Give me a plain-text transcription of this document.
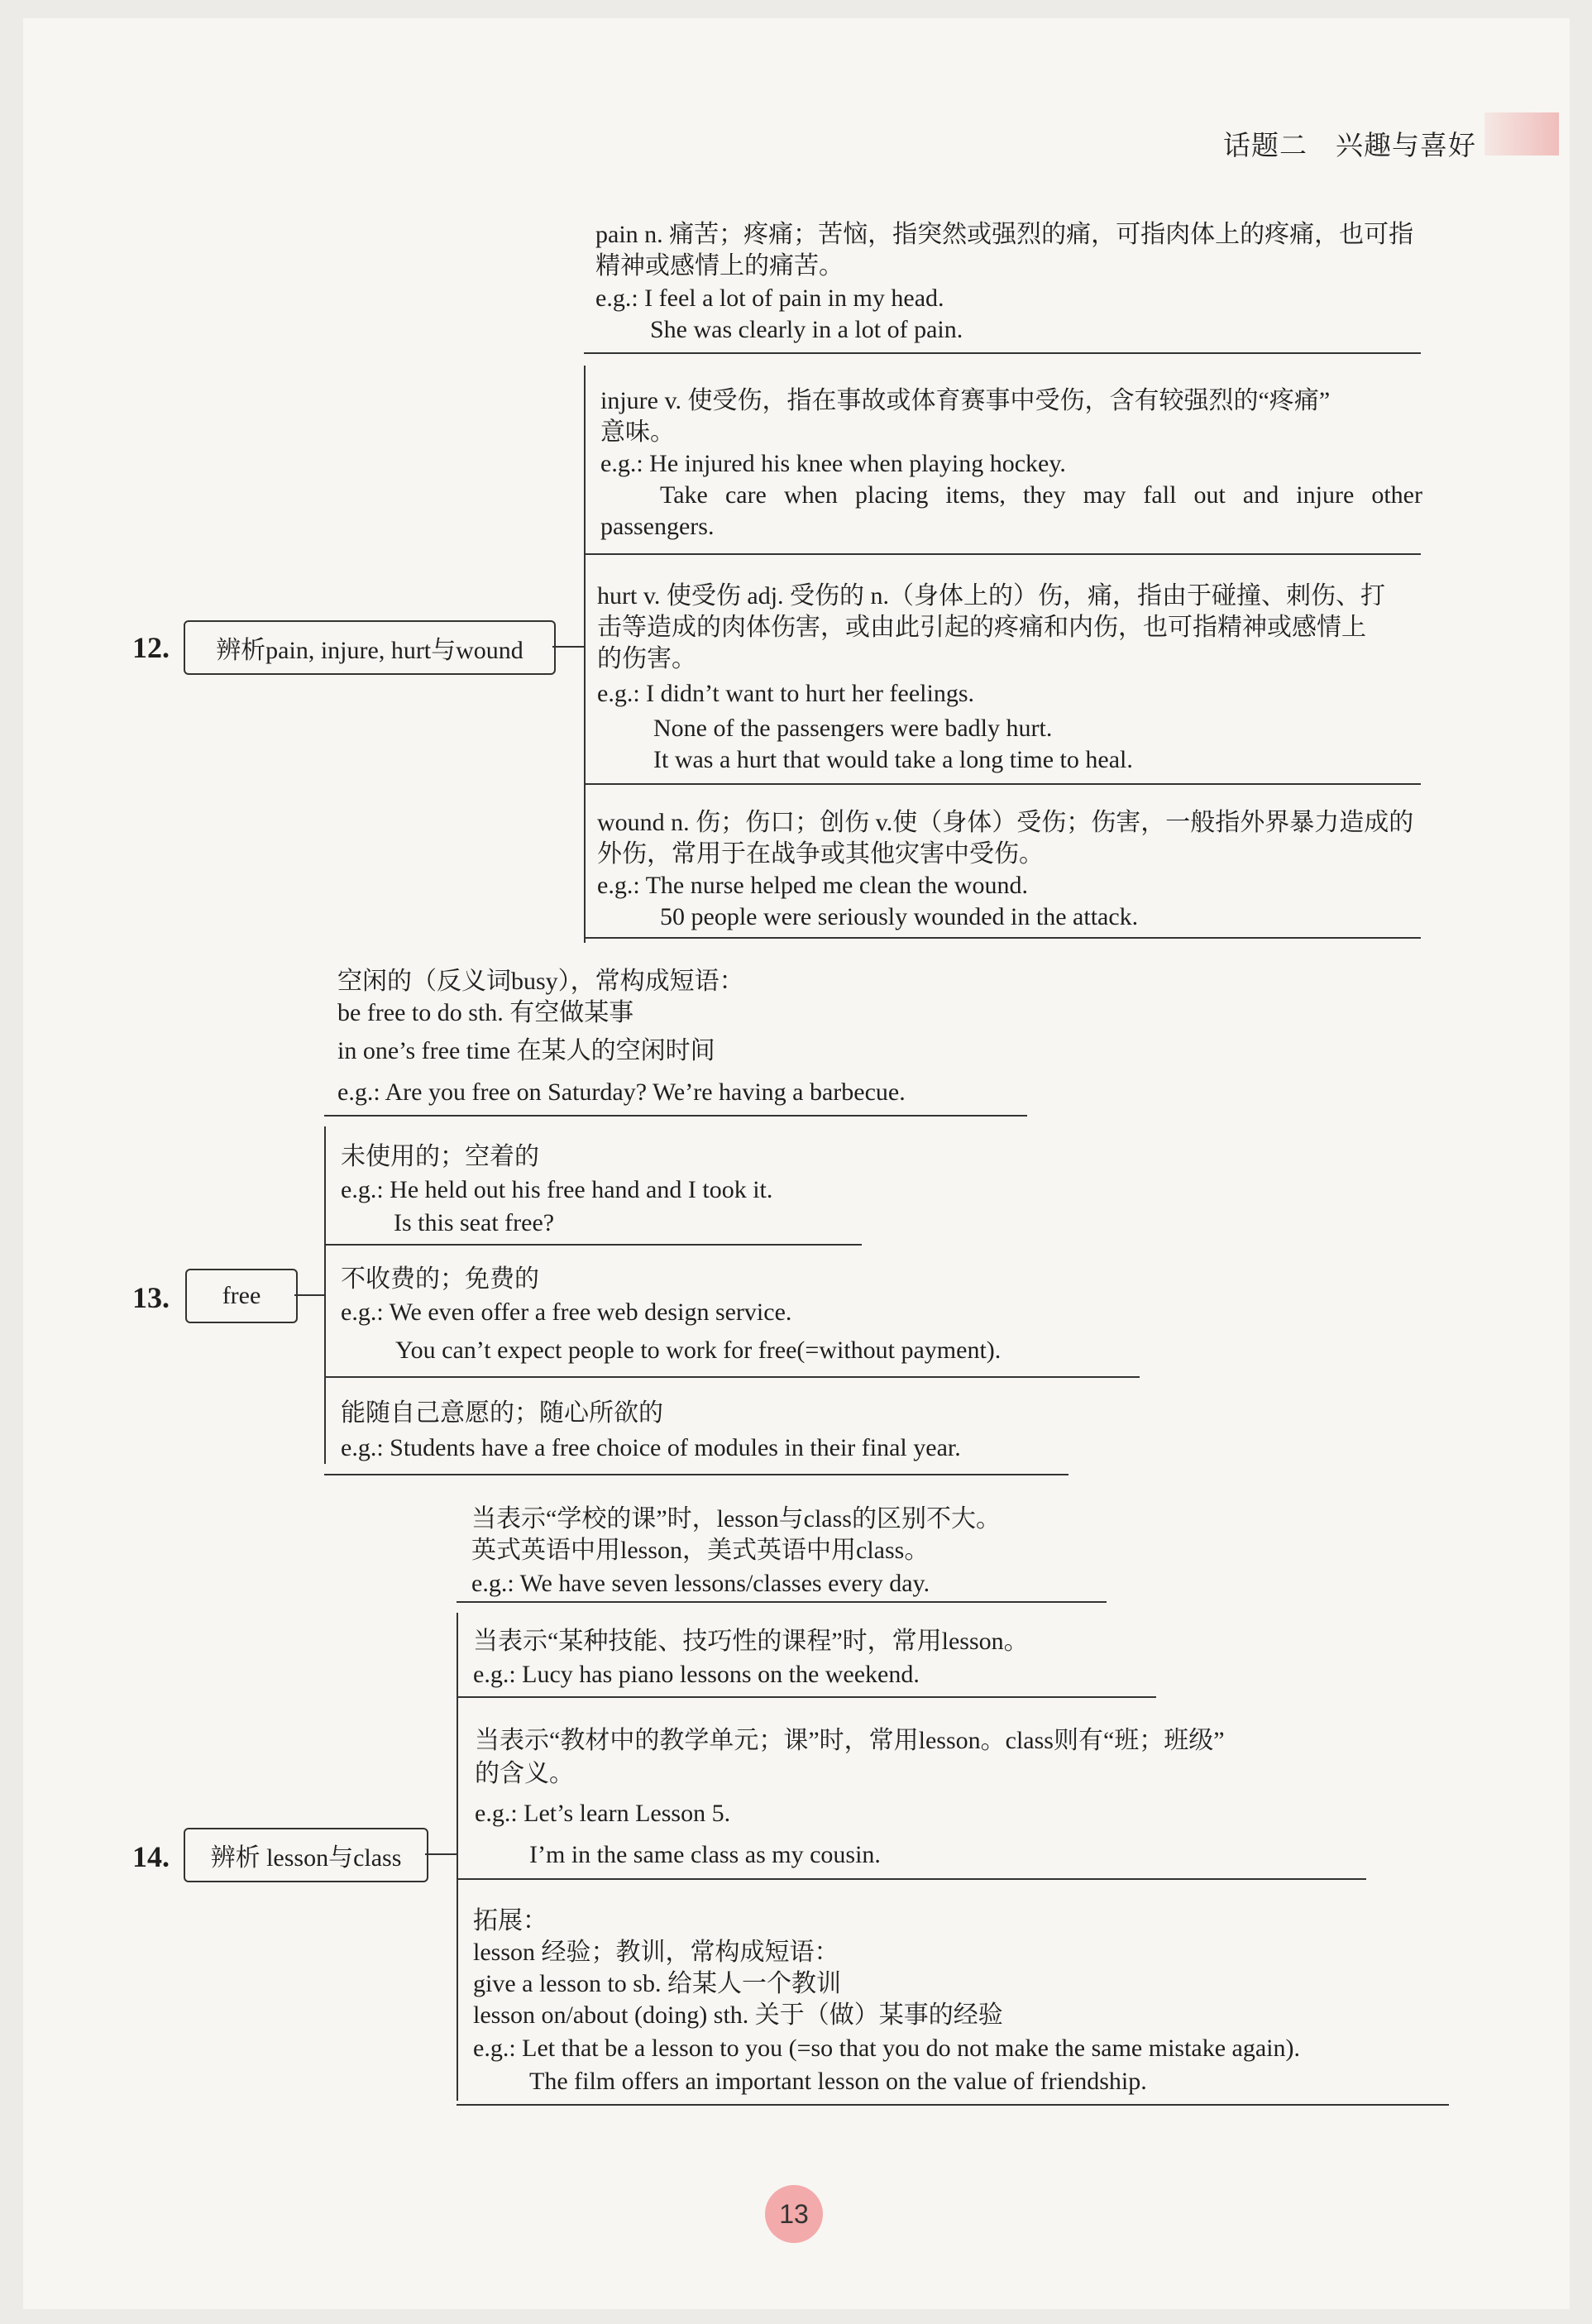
话题二　兴趣与喜好
12. 辨析pain, injure, hurt与wound
pain n. 痛苦；疼痛；苦恼，指突然或强烈的痛，可指肉体上的疼痛，也可指
精神或感情上的痛苦。
e.g.: I feel a lot of pain in my head.
She was clearly in a lot of pain.
injure v. 使受伤，指在事故或体育赛事中受伤，含有较强烈的“疼痛”
意味。
e.g.: He injured his knee when playing hockey.
Take care when placing items, they may fall out and injure other
passengers.
hurt v. 使受伤 adj. 受伤的 n.（身体上的）伤，痛，指由于碰撞、刺伤、打
击等造成的肉体伤害，或由此引起的疼痛和内伤，也可指精神或感情上
的伤害。
e.g.: I didn’t want to hurt her feelings.
None of the passengers were badly hurt.
It was a hurt that would take a long time to heal.
wound n. 伤；伤口；创伤 v.使（身体）受伤；伤害，一般指外界暴力造成的
外伤，常用于在战争或其他灾害中受伤。
e.g.: The nurse helped me clean the wound.
50 people were seriously wounded in the attack.
13. free
空闲的（反义词busy），常构成短语：
be free to do sth. 有空做某事
in one’s free time 在某人的空闲时间
e.g.: Are you free on Saturday? We’re having a barbecue.
未使用的；空着的
e.g.: He held out his free hand and I took it.
Is this seat free?
不收费的；免费的
e.g.: We even offer a free web design service.
You can’t expect people to work for free(=without payment).
能随自己意愿的；随心所欲的
e.g.: Students have a free choice of modules in their final year.
14. 辨析 lesson与class
当表示“学校的课”时，lesson与class的区别不大。
英式英语中用lesson，美式英语中用class。
e.g.: We have seven lessons/classes every day.
当表示“某种技能、技巧性的课程”时，常用lesson。
e.g.: Lucy has piano lessons on the weekend.
当表示“教材中的教学单元；课”时，常用lesson。class则有“班；班级”
的含义。
e.g.: Let’s learn Lesson 5.
I’m in the same class as my cousin.
拓展：
lesson 经验；教训，常构成短语：
give a lesson to sb. 给某人一个教训
lesson on/about (doing) sth. 关于（做）某事的经验
e.g.: Let that be a lesson to you (=so that you do not make the same mistake again).
The film offers an important lesson on the value of friendship.
13
